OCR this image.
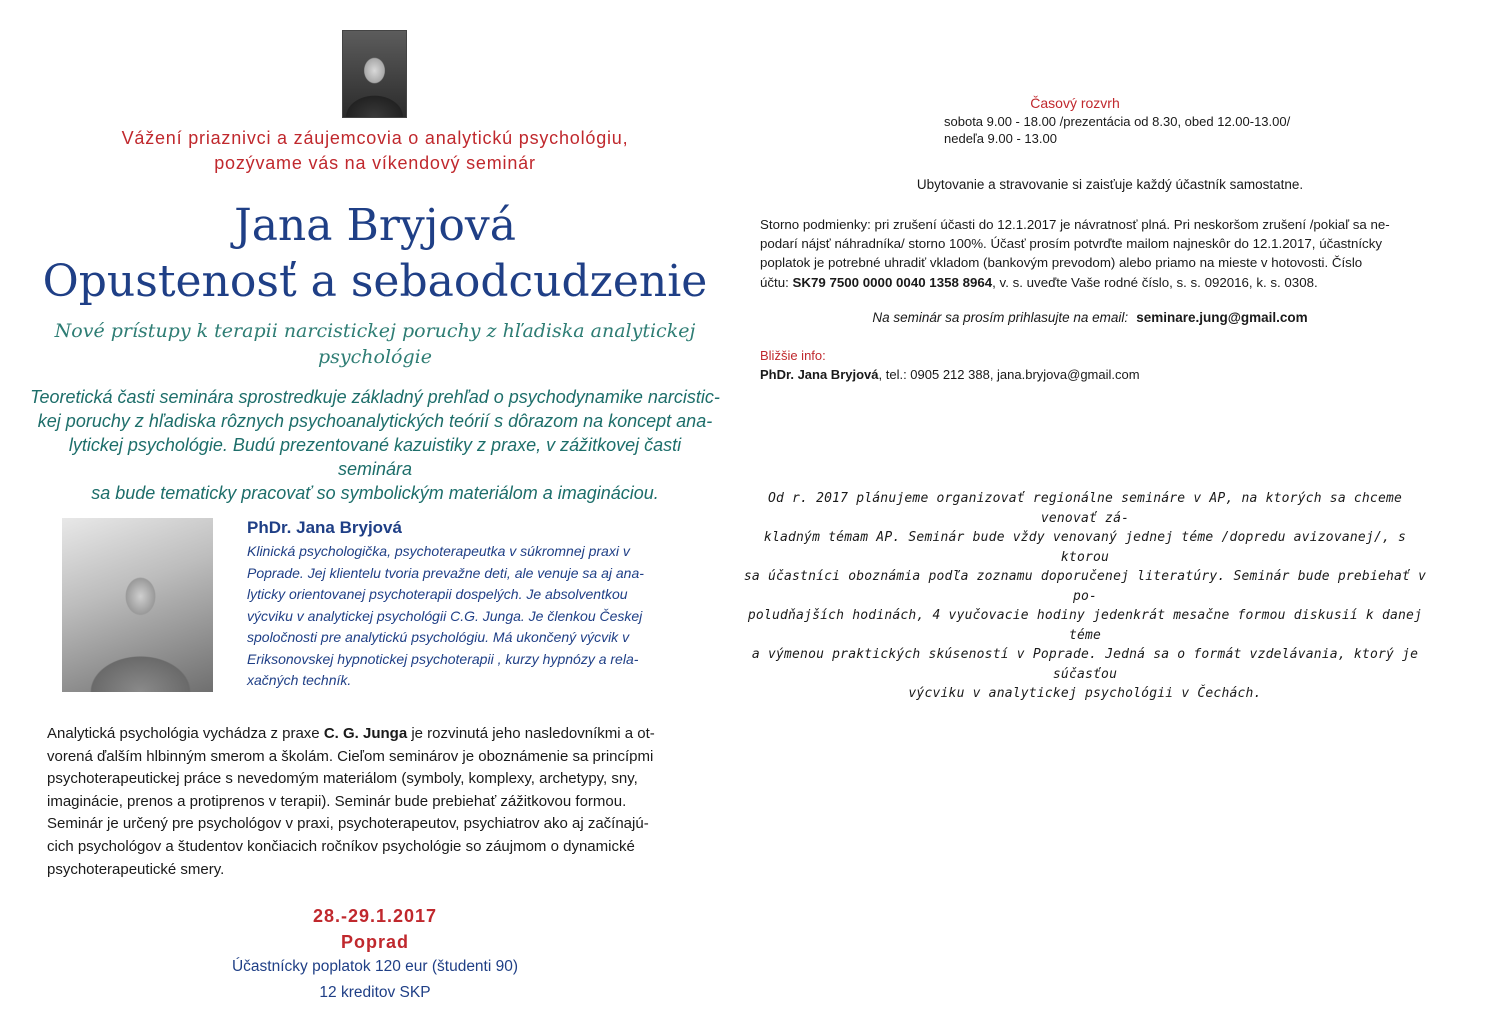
Vážení priaznivci a záujemcovia o analytickú psychológiu,
pozývame vás na víkendový seminár
Jana Bryjová
Opustenosť a sebaodcudzenie
Nové prístupy k terapii narcistickej poruchy z hľadiska analytickej psychológie
Teoretická časti seminára sprostredkuje základný prehľad o psychodynamike narcistic-
kej poruchy z hľadiska rôznych psychoanalytických teórií s dôrazom na koncept ana-
lytickej psychológie. Budú prezentované kazuistiky z praxe, v zážitkovej časti seminára
sa bude tematicky pracovať so symbolickým materiálom a imagináciou.
PhDr. Jana Bryjová
Klinická psychologička, psychoterapeutka v súkromnej praxi v
Poprade. Jej klientelu tvoria prevažne deti, ale venuje sa aj ana-
lyticky orientovanej psychoterapii dospelých. Je absolventkou
výcviku v analytickej psychológii C.G. Junga. Je členkou Českej
spoločnosti pre analytickú psychológiu. Má ukončený výcvik v
Eriksonovskej hypnotickej psychoterapii , kurzy hypnózy a rela-
xačných techník.
Analytická psychológia vychádza z praxe C. G. Junga je rozvinutá jeho nasledovníkmi a ot-
vorená ďalším hlbinným smerom a školám. Cieľom seminárov je oboznámenie sa princípmi
psychoterapeutickej práce s nevedomým materiálom (symboly, komplexy, archetypy, sny,
imaginácie, prenos a protiprenos v terapii). Seminár bude prebiehať zážitkovou formou.
Seminár je určený pre psychológov v praxi, psychoterapeutov, psychiatrov ako aj začínajú-
cich psychológov a študentov končiacich ročníkov psychológie so záujmom o dynamické
psychoterapeutické smery.
28.-29.1.2017
Poprad
Účastnícky poplatok 120 eur (študenti 90)
12 kreditov SKP
Časový rozvrh
sobota 9.00 - 18.00 /prezentácia od 8.30, obed 12.00-13.00/
nedeľa 9.00 - 13.00
Ubytovanie a stravovanie si zaisťuje každý účastník samostatne.
Storno podmienky: pri zrušení účasti do 12.1.2017 je návratnosť plná. Pri neskoršom zrušení /pokiaľ sa ne-
podarí nájsť náhradníka/ storno 100%. Účasť prosím potvrďte mailom najneskôr do 12.1.2017, účastnícky
poplatok je potrebné uhradiť vkladom (bankovým prevodom) alebo priamo na mieste v hotovosti. Číslo
účtu: SK79 7500 0000 0040 1358 8964, v. s. uveďte Vaše rodné číslo, s. s. 092016, k. s. 0308.
Na seminár sa prosím prihlasujte na email: seminare.jung@gmail.com
Bližšie info:
PhDr. Jana Bryjová, tel.: 0905 212 388, jana.bryjova@gmail.com
Od r. 2017 plánujeme organizovať regionálne semináre v AP, na ktorých sa chceme venovať zá-
kladným témam AP. Seminár bude vždy venovaný jednej téme /dopredu avizovanej/, s ktorou
sa účastníci oboznámia podľa zoznamu doporučenej literatúry. Seminár bude prebiehať v po-
poludňajších hodinách, 4 vyučovacie hodiny jedenkrát mesačne formou diskusií k danej téme
a výmenou praktických skúseností v Poprade. Jedná sa o formát vzdelávania, ktorý je súčasťou
výcviku v analytickej psychológii v Čechách.
